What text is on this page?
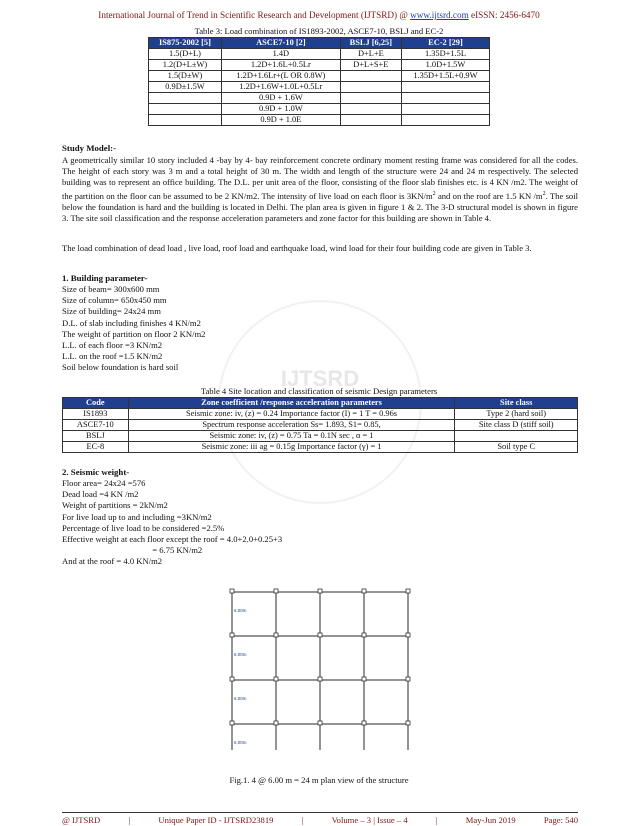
International Journal of Trend in Scientific Research and Development (IJTSRD) @ www.ijtsrd.com eISSN: 2456-6470
Table 3: Load combination of IS1893-2002, ASCE7-10, BSLJ and EC-2
IS875-2002 [5]	ASCE7-10 [2]	BSLJ [6,25]	EC-2 [29]
1.5(D+L)	1.4D	D+L+E	1.35D+1.5L
1.2(D+L±W)	1.2D+1.6L+0.5Lr	D+L+S+E	1.0D+1.5W
1.5(D±W)	1.2D+1.6Lr+(L OR 0.8W)		1.35D+1.5L+0.9W
0.9D±1.5W	1.2D+1.6W+1.0L+0.5Lr		
	0.9D + 1.6W		
	0.9D + 1.0W		
	0.9D + 1.0E		
Study Model:-
A geometrically similar 10 story included 4 -bay by 4- bay reinforcement concrete ordinary moment resting frame was considered for all the codes. The height of each story was 3 m and a total height of 30 m. The width and length of the structure were 24 and 24 m respectively. The selected building was to represent an office building. The D.L. per unit area of the floor, consisting of the floor slab finishes etc. is 4 KN /m2. The weight of the partition on the floor can be assumed to be 2 KN/m2. The intensity of live load on each floor is $3KN/m^2$ and on the roof are 1.5 KN $/m^2$. The soil below the foundation is hard and the building is located in Delhi. The plan area is given in figure 1 & 2. The 3-D structural model is shown in figure 3. The site soil classification and the response acceleration parameters and zone factor for this building are shown in Table 4.
The load combination of dead load , live load, roof load and earthquake load, wind load for their four building code are given in Table 3.
IJTSRD
1. Building parameter-
Size of beam= 300x600 mm
Size of column= 650x450 mm
Size of building= 24x24 mm
D.L. of slab including finishes 4 KN/m2
The weight of partition on floor 2 KN/m2
L.L. of each floor =3 KN/m2
L.L. on the roof =1.5 KN/m2
Soil below foundation is hard soil
Table 4 Site location and classification of seismic Design parameters
Code	Zone coefficient /response acceleration parameters	Site class
IS1893	Seismic zone: iv, (z) = 0.24 Importance factor (I) = 1 T = 0.96s	Type 2 (hard soil)
ASCE7-10	Spectrum response acceleration Ss= 1.893, S1= 0.85,	Site class D (stiff soil)
BSLJ	Seismic zone: iv, (z) = 0.75 Ta = 0.1N sec , α = 1	
EC-8	Seismic zone: iii ag = 0.15g Importance factor (γ) = 1	Soil type C
2. Seismic weight-
Floor area= 24x24 =576
Dead load =4 KN /m2
Weight of partitions = 2kN/m2
For live load up to and including =3KN/m2
Percentage of live load to be considered =2.5%
Effective weight at each floor except the roof = 4.0+2.0+0.25+3
= 6.75 KN/m2
And at the roof = 4.0 KN/m2
6.00m
6.00m
6.00m
6.00m
Fig.1. 4 @ 6.00 m = 24 m plan view of the structure
@ IJTSRD	|	Unique Paper ID - IJTSRD23819	|	Volume – 3 | Issue – 4	|	May-Jun 2019	Page: 540
